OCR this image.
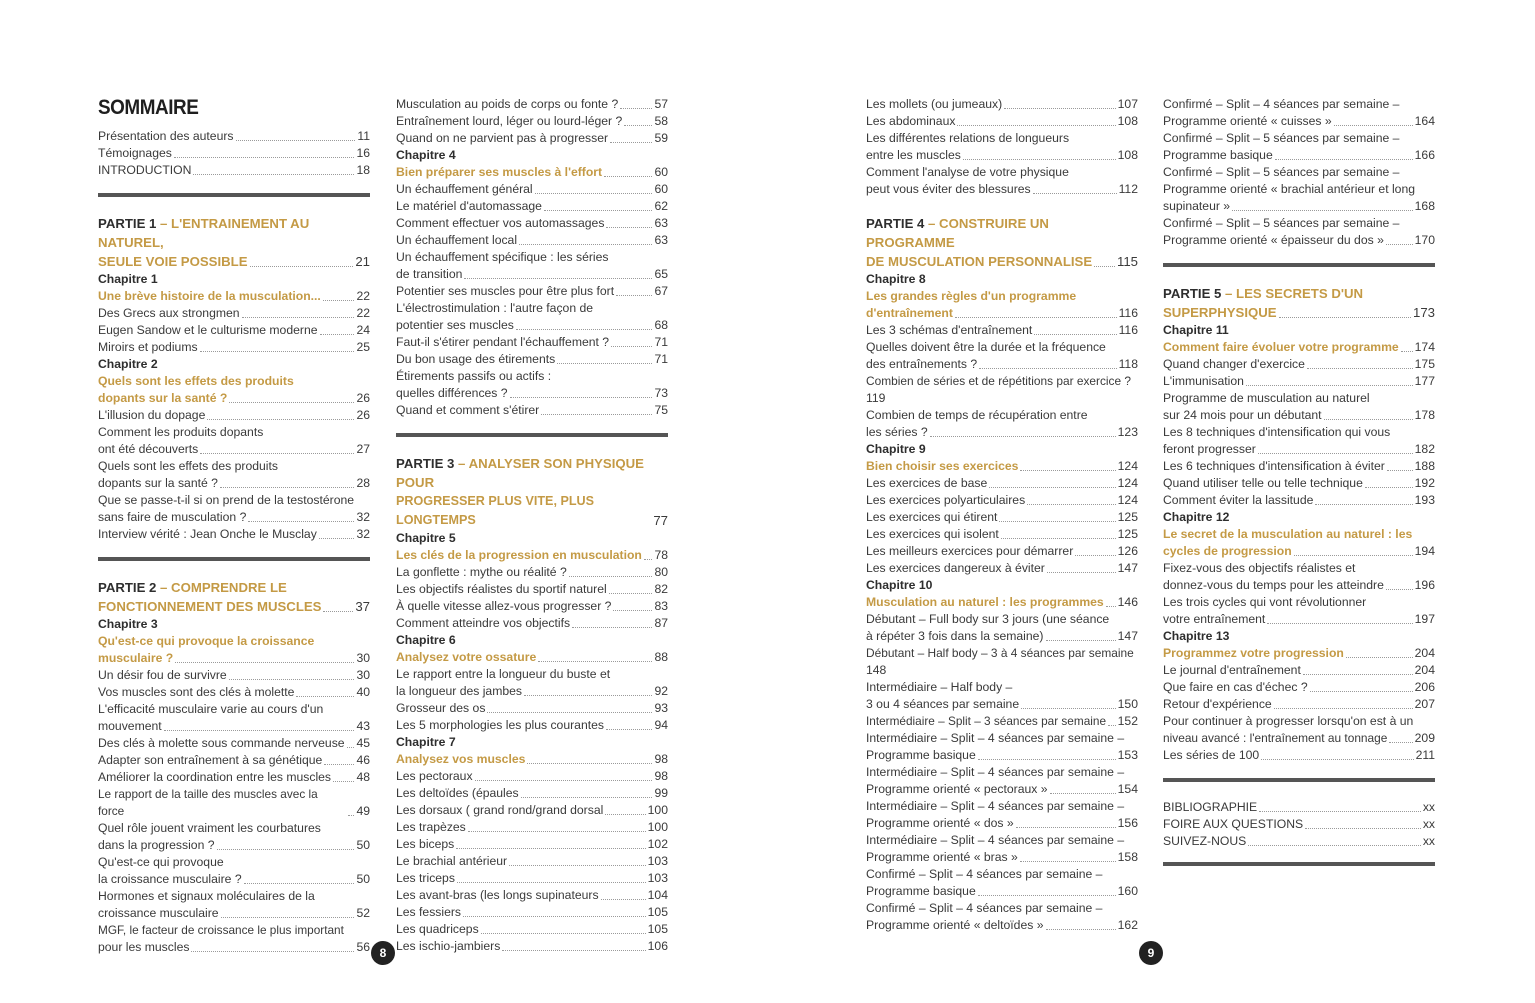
SOMMAIRE
Présentation des auteurs	11
Témoignages	16
INTRODUCTION	18
PARTIE 1 – L'ENTRAINEMENT AU NATUREL,
SEULE VOIE POSSIBLE	21
Chapitre 1
Une brève histoire de la musculation...	22
Des Grecs aux strongmen	22
Eugen Sandow et le culturisme moderne	24
Miroirs et podiums	25
Chapitre 2
Quels sont les effets des produits
dopants sur la santé ?	26
L'illusion du dopage	26
Comment les produits dopants
ont été découverts	27
Quels sont les effets des produits
dopants sur la santé ?	28
Que se passe-t-il si on prend de la testostérone
sans faire de musculation ?	32
Interview vérité : Jean Onche le Musclay	32
PARTIE 2 – COMPRENDRE LE
FONCTIONNEMENT DES MUSCLES	37
Chapitre 3
Qu'est-ce qui provoque la croissance
musculaire ?	30
Un désir fou de survivre	30
Vos muscles sont des clés à molette	40
L'efficacité musculaire varie au cours d'un
mouvement	43
Des clés à molette sous commande nerveuse 45
Adapter son entraînement à sa génétique	46
Améliorer la coordination entre les muscles 48
Le rapport de la taille des muscles avec la force	49
Quel rôle jouent vraiment les courbatures
dans la progression ?	50
Qu'est-ce qui provoque
la croissance musculaire ?	50
Hormones et signaux moléculaires de la
croissance musculaire	52
MGF, le facteur de croissance le plus important
pour les muscles	56
Musculation au poids de corps ou fonte ?	57
Entraînement lourd, léger ou lourd-léger ?	58
Quand on ne parvient pas à progresser	59
Chapitre 4
Bien préparer ses muscles à l'effort	60
Un échauffement général	60
Le matériel d'automassage	62
Comment effectuer vos automassages	63
Un échauffement local	63
Un échauffement spécifique : les séries
de transition	65
Potentier ses muscles pour être plus fort	67
L'électrostimulation : l'autre façon de
potentier ses muscles	68
Faut-il s'étirer pendant l'échauffement ?	71
Du bon usage des étirements	71
Étirements passifs ou actifs :
quelles différences ?	73
Quand et comment s'étirer	75
PARTIE 3 – ANALYSER SON PHYSIQUE POUR
PROGRESSER PLUS VITE, PLUS LONGTEMPS	77
Chapitre 5
Les clés de la progression en musculation 78
La gonflette : mythe ou réalité ?	80
Les objectifs réalistes du sportif naturel	82
À quelle vitesse allez-vous progresser ?	83
Comment atteindre vos objectifs	87
Chapitre 6
Analysez votre ossature	88
Le rapport entre la longueur du buste et
la longueur des jambes	92
Grosseur des os	93
Les 5 morphologies les plus courantes	94
Chapitre 7
Analysez vos muscles	98
Les pectoraux	98
Les deltoïdes (épaules	99
Les dorsaux ( grand rond/grand dorsal	100
Les trapèzes	100
Les biceps	102
Le brachial antérieur	103
Les triceps	103
Les avant-bras (les longs supinateurs	104
Les fessiers	105
Les quadriceps	105
Les ischio-jambiers	106
Les mollets (ou jumeaux)	107
Les abdominaux	108
Les différentes relations de longueurs
entre les muscles	108
Comment l'analyse de votre physique
peut vous éviter des blessures	112
PARTIE 4 – CONSTRUIRE UN PROGRAMME
DE MUSCULATION PERSONNALISE 115
Chapitre 8
Les grandes règles d'un programme
d'entraînement	116
Les 3 schémas d'entraînement	116
Quelles doivent être la durée et la fréquence
des entraînements ?	118
Combien de séries et de répétitions par exercice ?
119
Combien de temps de récupération entre
les séries ?	123
Chapitre 9
Bien choisir ses exercices	124
Les exercices de base	124
Les exercices polyarticulaires	124
Les exercices qui étirent	125
Les exercices qui isolent	125
Les meilleurs exercices pour démarrer	126
Les exercices dangereux à éviter	147
Chapitre 10
Musculation au naturel : les programmes 146
Débutant – Full body sur 3 jours (une séance
à répéter 3 fois dans la semaine)	147
Débutant – Half body – 3 à 4 séances par semaine
148
Intermédiaire – Half body –
3 ou 4 séances par semaine	150
Intermédiaire – Split – 3 séances par semaine 152
Intermédiaire – Split – 4 séances par semaine –
Programme basique	153
Intermédiaire – Split – 4 séances par semaine –
Programme orienté « pectoraux »	154
Intermédiaire – Split – 4 séances par semaine –
Programme orienté « dos »	156
Intermédiaire – Split – 4 séances par semaine –
Programme orienté « bras »	158
Confirmé – Split – 4 séances par semaine –
Programme basique	160
Confirmé – Split – 4 séances par semaine –
Programme orienté « deltoïdes »	162
Confirmé – Split – 4 séances par semaine –
Programme orienté « cuisses »	164
Confirmé – Split – 5 séances par semaine –
Programme basique	166
Confirmé – Split – 5 séances par semaine –
Programme orienté « brachial antérieur et long
supinateur »	168
Confirmé – Split – 5 séances par semaine –
Programme orienté « épaisseur du dos »	170
PARTIE 5 – LES SECRETS D'UN
SUPERPHYSIQUE	173
Chapitre 11
Comment faire évoluer votre programme 174
Quand changer d'exercice	175
L'immunisation	177
Programme de musculation au naturel
sur 24 mois pour un débutant	178
Les 8 techniques d'intensification qui vous
feront progresser	182
Les 6 techniques d'intensification à éviter 188
Quand utiliser telle ou telle technique	192
Comment éviter la lassitude	193
Chapitre 12
Le secret de la musculation au naturel : les
cycles de progression	194
Fixez-vous des objectifs réalistes et
donnez-vous du temps pour les atteindre	196
Les trois cycles qui vont révolutionner
votre entraînement	197
Chapitre 13
Programmez votre progression	204
Le journal d'entraînement	204
Que faire en cas d'échec ?	206
Retour d'expérience	207
Pour continuer à progresser lorsqu'on est à un
niveau avancé : l'entraînement au tonnage 209
Les séries de 100	211
BIBLIOGRAPHIE	xx
FOIRE AUX QUESTIONS	xx
SUIVEZ-NOUS	xx
8	9
